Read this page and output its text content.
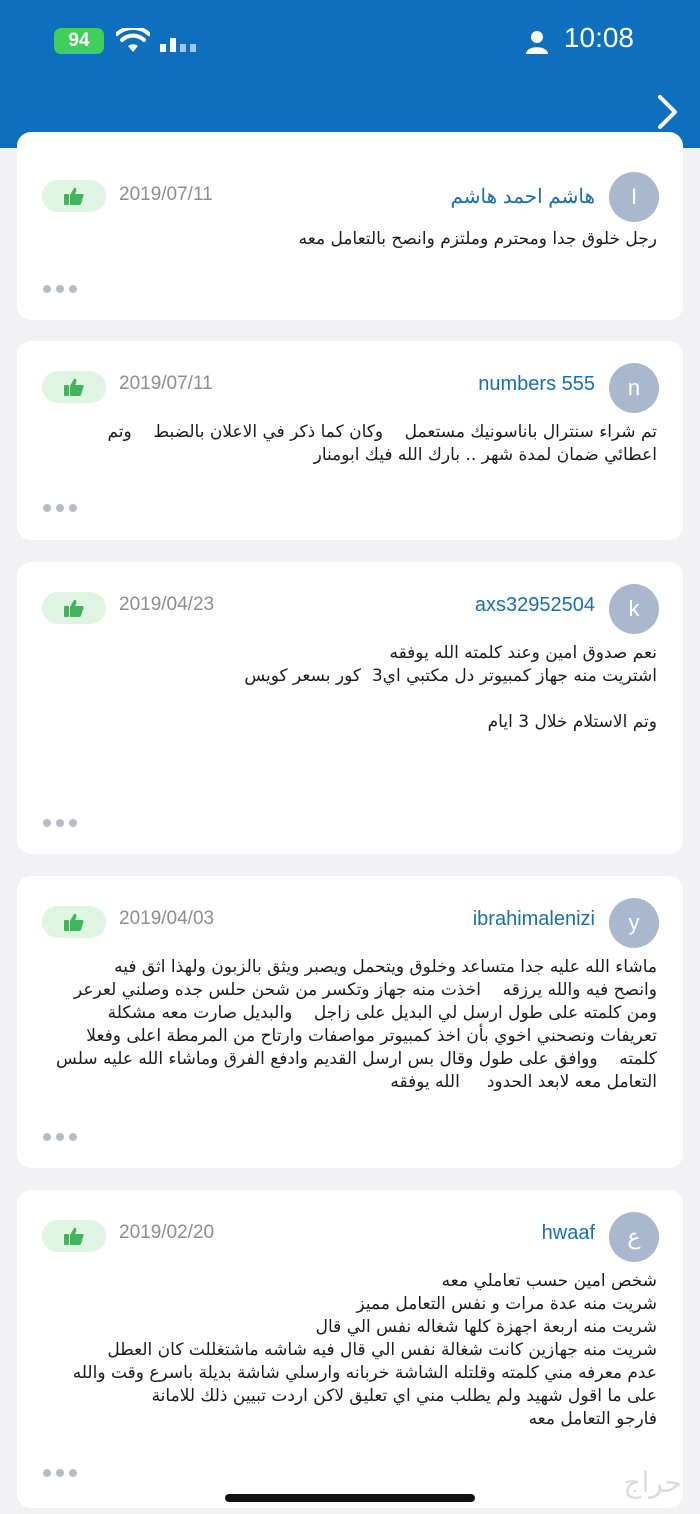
94	10:08
I
هاشم احمد هاشم
2019/07/11

رجل خلوق جدا ومحترم وملتزم وانصح بالتعامل معه

n
numbers 555
2019/07/11

تم شراء سنترال باناسونيك مستعمل    وكان كما ذكر في الاعلان بالضبط    وتم

اعطائي ضمان لمدة شهر .. بارك الله فيك ابومنار

k
axs32952504
2019/04/23

نعم صدوق امين وعند كلمته الله يوفقه

اشتريت منه جهاز كمبيوتر دل مكتبي اي3  كور بسعر كويس

وتم الاستلام خلال 3 ايام

y
ibrahimalenizi
2019/04/03

ماشاء الله عليه جدا متساعد وخلوق ويتحمل ويصبر ويثق بالزبون ولهذا اثق فيه

وانصح فيه والله يرزقه    اخذت منه جهاز وتكسر من شحن حلس جده وصلني لعرعر

ومن كلمته على طول ارسل لي البديل على زاجل    والبديل صارت معه مشكلة

تعريفات ونصحني اخوي بأن اخذ كمبيوتر مواصفات وارتاح من المرمطة اعلى وفعلا

كلمته    ووافق على طول وقال بس ارسل القديم وادفع الفرق وماشاء الله عليه سلس

التعامل معه لابعد الحدود     الله يوفقه

ع
hwaaf
2019/02/20

شخص امين حسب تعاملي معه

شريت منه عدة مرات و نفس التعامل مميز

شريت منه اربعة اجهزة كلها شغاله نفس الي قال

شريت منه جهازين كانت شغالة نفس الي قال فيه شاشه ماشتغللت كان العطل

عدم معرفه مني كلمته وقلتله الشاشة خربانه وارسلي شاشة بديلة باسرع وقت والله

على ما اقول شهيد ولم يطلب مني اي تعليق لاكن اردت تبيين ذلك للامانة

فارجو التعامل معه

حراج
